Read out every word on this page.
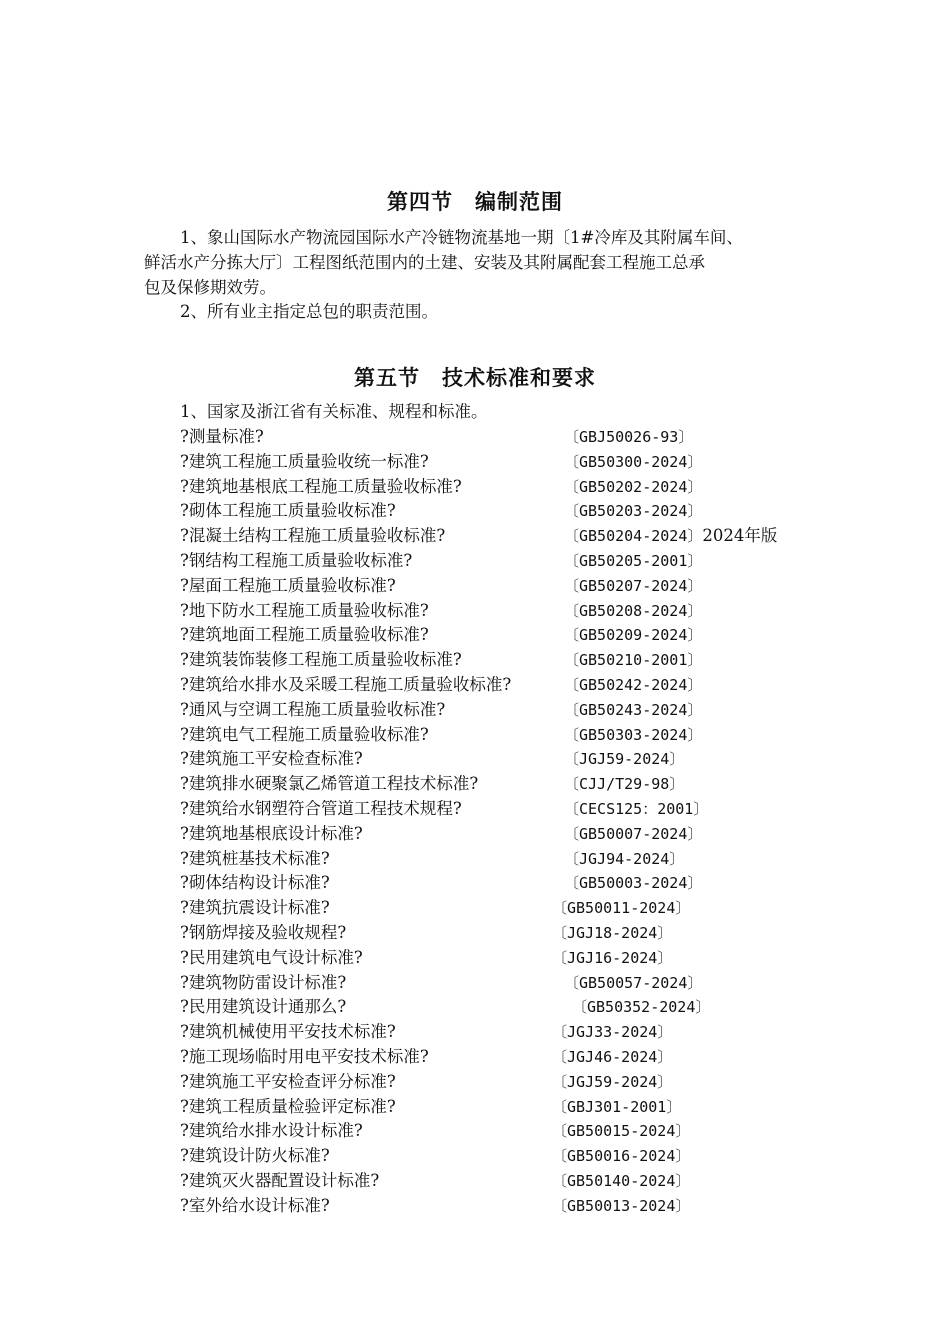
第四节 编制范围
1、象山国际水产物流园国际水产冷链物流基地一期〔1#冷库及其附属车间、
鲜活水产分拣大厅〕工程图纸范围内的土建、安装及其附属配套工程施工总承
包及保修期效劳。
2、所有业主指定总包的职责范围。
第五节 技术标准和要求
1、国家及浙江省有关标准、规程和标准。
?测量标准?	〔GBJ50026-93〕
?建筑工程施工质量验收统一标准?	〔GB50300-2024〕
?建筑地基根底工程施工质量验收标准?	〔GB50202-2024〕
?砌体工程施工质量验收标准?	〔GB50203-2024〕
?混凝土结构工程施工质量验收标准?	〔GB50204-2024〕2024年版
?钢结构工程施工质量验收标准?	〔GB50205-2001〕
?屋面工程施工质量验收标准?	〔GB50207-2024〕
?地下防水工程施工质量验收标准?	〔GB50208-2024〕
?建筑地面工程施工质量验收标准?	〔GB50209-2024〕
?建筑装饰装修工程施工质量验收标准?	〔GB50210-2001〕
?建筑给水排水及采暖工程施工质量验收标准?	〔GB50242-2024〕
?通风与空调工程施工质量验收标准?	〔GB50243-2024〕
?建筑电气工程施工质量验收标准?	〔GB50303-2024〕
?建筑施工平安检查标准?	〔JGJ59-2024〕
?建筑排水硬聚氯乙烯管道工程技术标准?	〔CJJ/T29-98〕
?建筑给水钢塑符合管道工程技术规程?	〔CECS125：2001〕
?建筑地基根底设计标准?	〔GB50007-2024〕
?建筑桩基技术标准?	〔JGJ94-2024〕
?砌体结构设计标准?	〔GB50003-2024〕
?建筑抗震设计标准?	〔GB50011-2024〕
?钢筋焊接及验收规程?	〔JGJ18-2024〕
?民用建筑电气设计标准?	〔JGJ16-2024〕
?建筑物防雷设计标准?	〔GB50057-2024〕
?民用建筑设计通那么?	〔GB50352-2024〕
?建筑机械使用平安技术标准?	〔JGJ33-2024〕
?施工现场临时用电平安技术标准?	〔JGJ46-2024〕
?建筑施工平安检查评分标准?	〔JGJ59-2024〕
?建筑工程质量检验评定标准?	〔GBJ301-2001〕
?建筑给水排水设计标准?	〔GB50015-2024〕
?建筑设计防火标准?	〔GB50016-2024〕
?建筑灭火器配置设计标准?	〔GB50140-2024〕
?室外给水设计标准?	〔GB50013-2024〕
